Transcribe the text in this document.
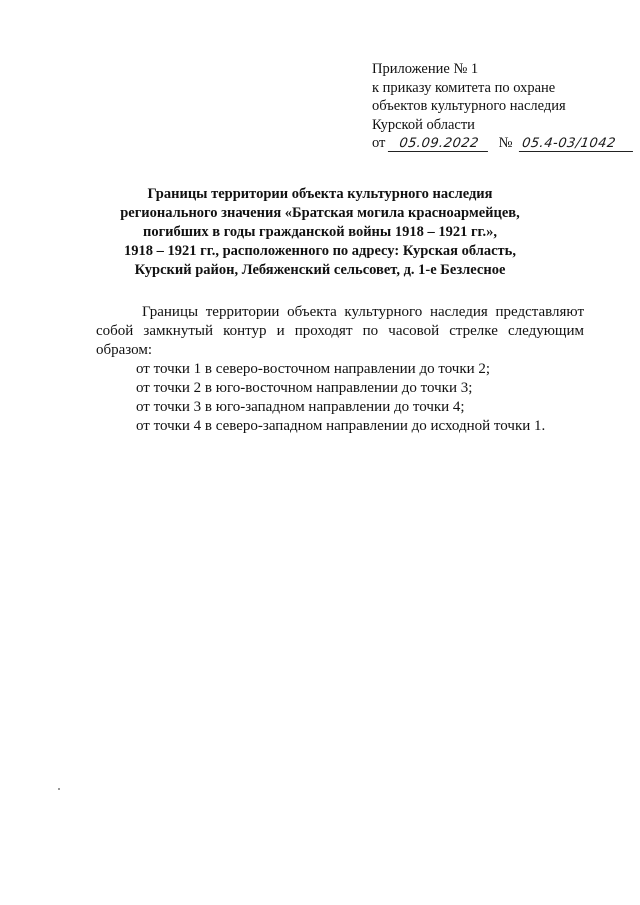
Приложение № 1
к приказу комитета по охране
объектов культурного наследия
Курской области
от 05.09.2022 № 05.4-03/1042
Границы территории объекта культурного наследия
регионального значения «Братская могила красноармейцев,
погибших в годы гражданской войны 1918 – 1921 гг.»,
1918 – 1921 гг., расположенного по адресу: Курская область,
Курский район, Лебяженский сельсовет, д. 1-е Безлесное

Границы территории объекта культурного наследия представляют собой замкнутый контур и проходят по часовой стрелке следующим образом:

от точки 1 в северо-восточном направлении до точки 2;
от точки 2 в юго-восточном направлении до точки 3;
от точки 3 в юго-западном направлении до точки 4;
от точки 4 в северо-западном направлении до исходной точки 1.
